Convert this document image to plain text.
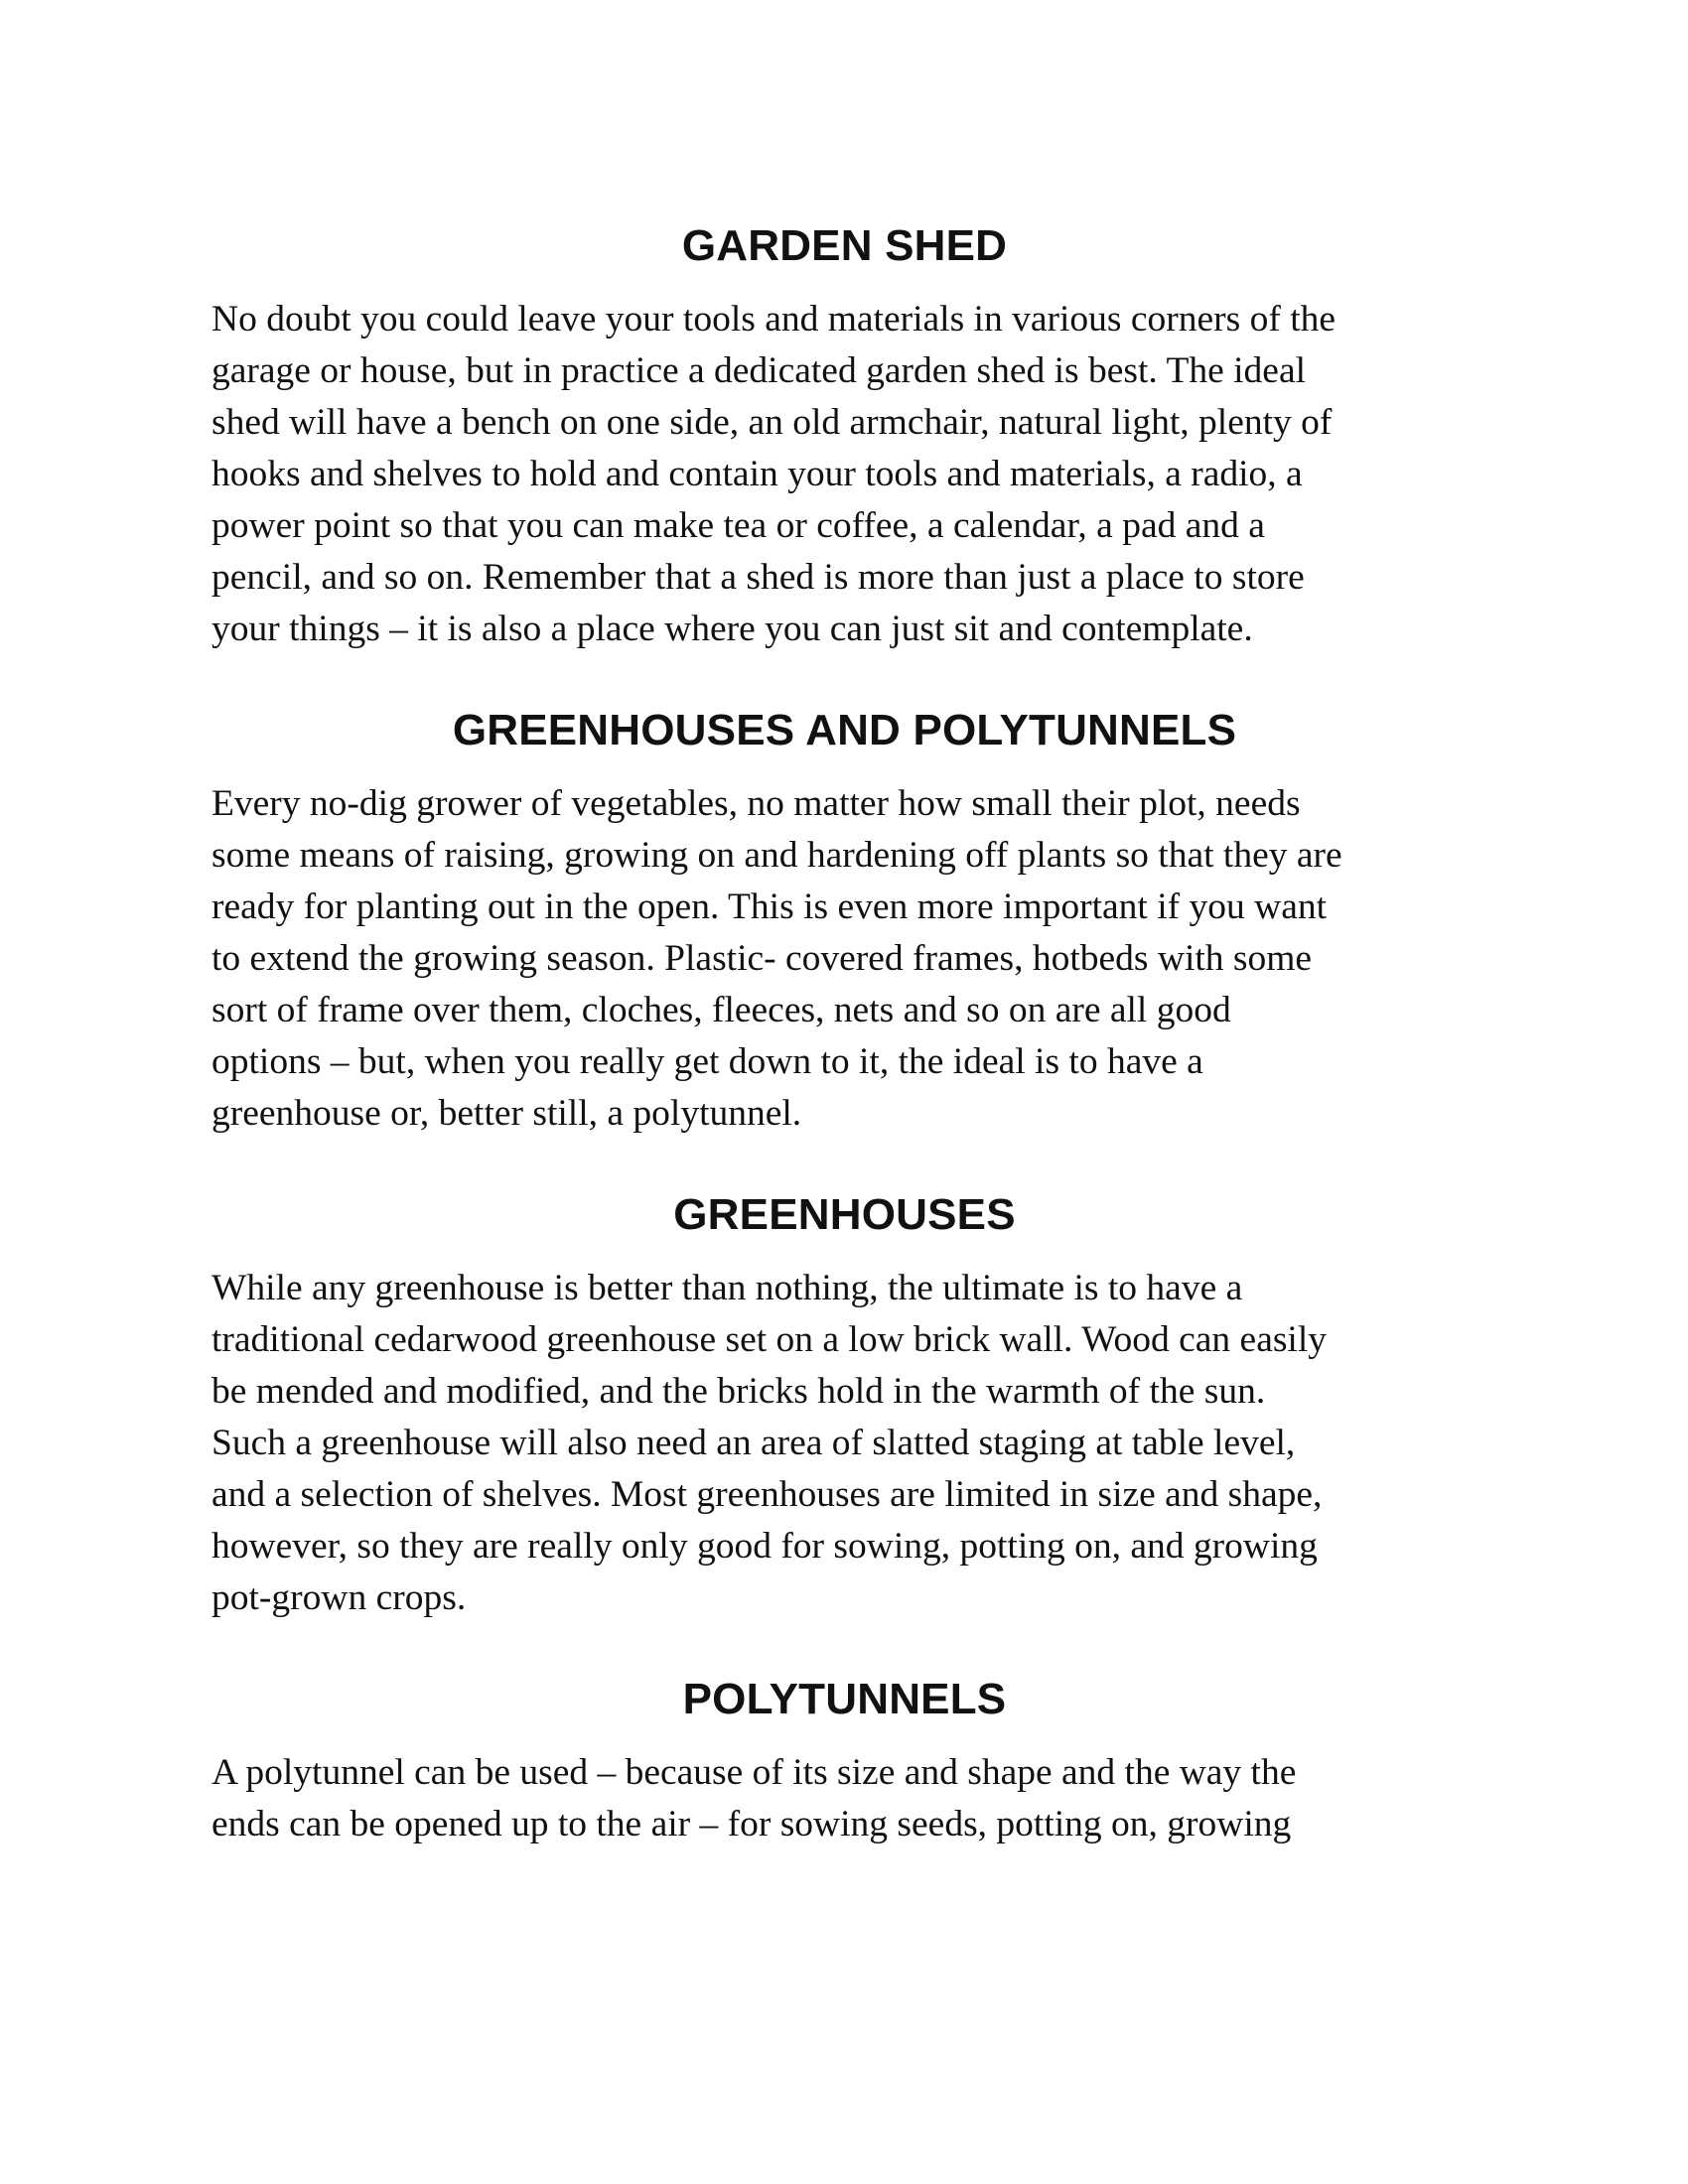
GARDEN SHED

No doubt you could leave your tools and materials in various corners of the
garage or house, but in practice a dedicated garden shed is best. The ideal
shed will have a bench on one side, an old armchair, natural light, plenty of
hooks and shelves to hold and contain your tools and materials, a radio, a
power point so that you can make tea or coffee, a calendar, a pad and a
pencil, and so on. Remember that a shed is more than just a place to store
your things – it is also a place where you can just sit and contemplate.

GREENHOUSES AND POLYTUNNELS

Every no-dig grower of vegetables, no matter how small their plot, needs
some means of raising, growing on and hardening off plants so that they are
ready for planting out in the open. This is even more important if you want
to extend the growing season. Plastic- covered frames, hotbeds with some
sort of frame over them, cloches, fleeces, nets and so on are all good
options – but, when you really get down to it, the ideal is to have a
greenhouse or, better still, a polytunnel.

GREENHOUSES

While any greenhouse is better than nothing, the ultimate is to have a
traditional cedarwood greenhouse set on a low brick wall. Wood can easily
be mended and modified, and the bricks hold in the warmth of the sun.
Such a greenhouse will also need an area of slatted staging at table level,
and a selection of shelves. Most greenhouses are limited in size and shape,
however, so they are really only good for sowing, potting on, and growing
pot-grown crops.

POLYTUNNELS

A polytunnel can be used – because of its size and shape and the way the
ends can be opened up to the air – for sowing seeds, potting on, growing
